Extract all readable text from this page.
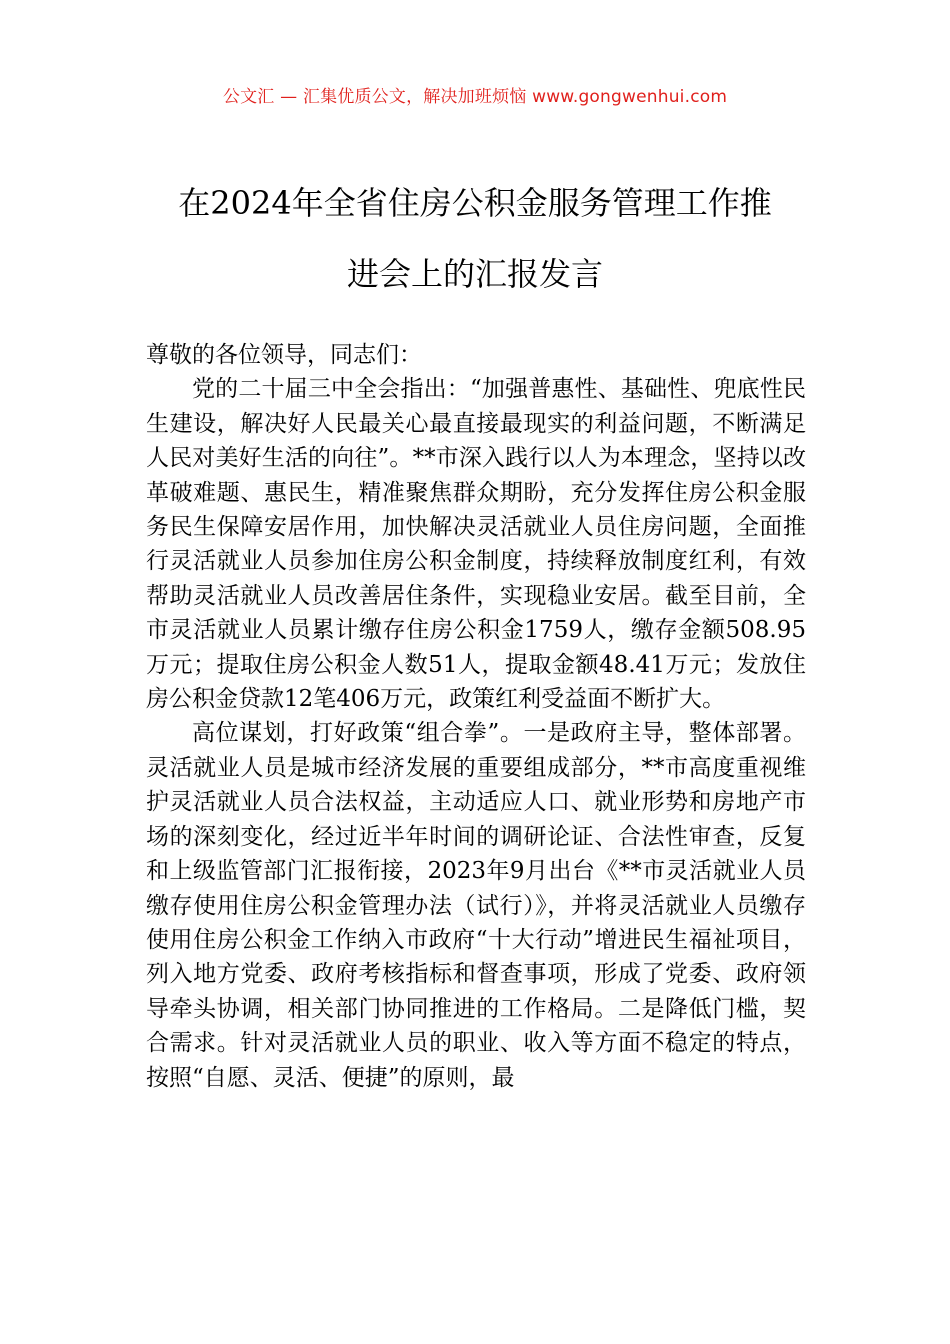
公文汇 — 汇集优质公文，解决加班烦恼 www.gongwenhui.com
在2024年全省住房公积金服务管理工作推
进会上的汇报发言

尊敬的各位领导，同志们：

党的二十届三中全会指出：“加强普惠性、基础性、兜底性民生建设，解决好人民最关心最直接最现实的利益问题，不断满足人民对美好生活的向往”。**市深入践行以人为本理念，坚持以改革破难题、惠民生，精准聚焦群众期盼，充分发挥住房公积金服务民生保障安居作用，加快解决灵活就业人员住房问题，全面推行灵活就业人员参加住房公积金制度，持续释放制度红利，有效帮助灵活就业人员改善居住条件，实现稳业安居。截至目前，全市灵活就业人员累计缴存住房公积金1759人，缴存金额508.95万元；提取住房公积金人数51人，提取金额48.41万元；发放住房公积金贷款12笔406万元，政策红利受益面不断扩大。

高位谋划，打好政策“组合拳”。一是政府主导，整体部署。灵活就业人员是城市经济发展的重要组成部分，**市高度重视维护灵活就业人员合法权益，主动适应人口、就业形势和房地产市场的深刻变化，经过近半年时间的调研论证、合法性审查，反复和上级监管部门汇报衔接，2023年9月出台《**市灵活就业人员缴存使用住房公积金管理办法（试行）》，并将灵活就业人员缴存使用住房公积金工作纳入市政府“十大行动”增进民生福祉项目，列入地方党委、政府考核指标和督查事项，形成了党委、政府领导牵头协调，相关部门协同推进的工作格局。二是降低门槛，契合需求。针对灵活就业人员的职业、收入等方面不稳定的特点，按照“自愿、灵活、便捷”的原则，最
